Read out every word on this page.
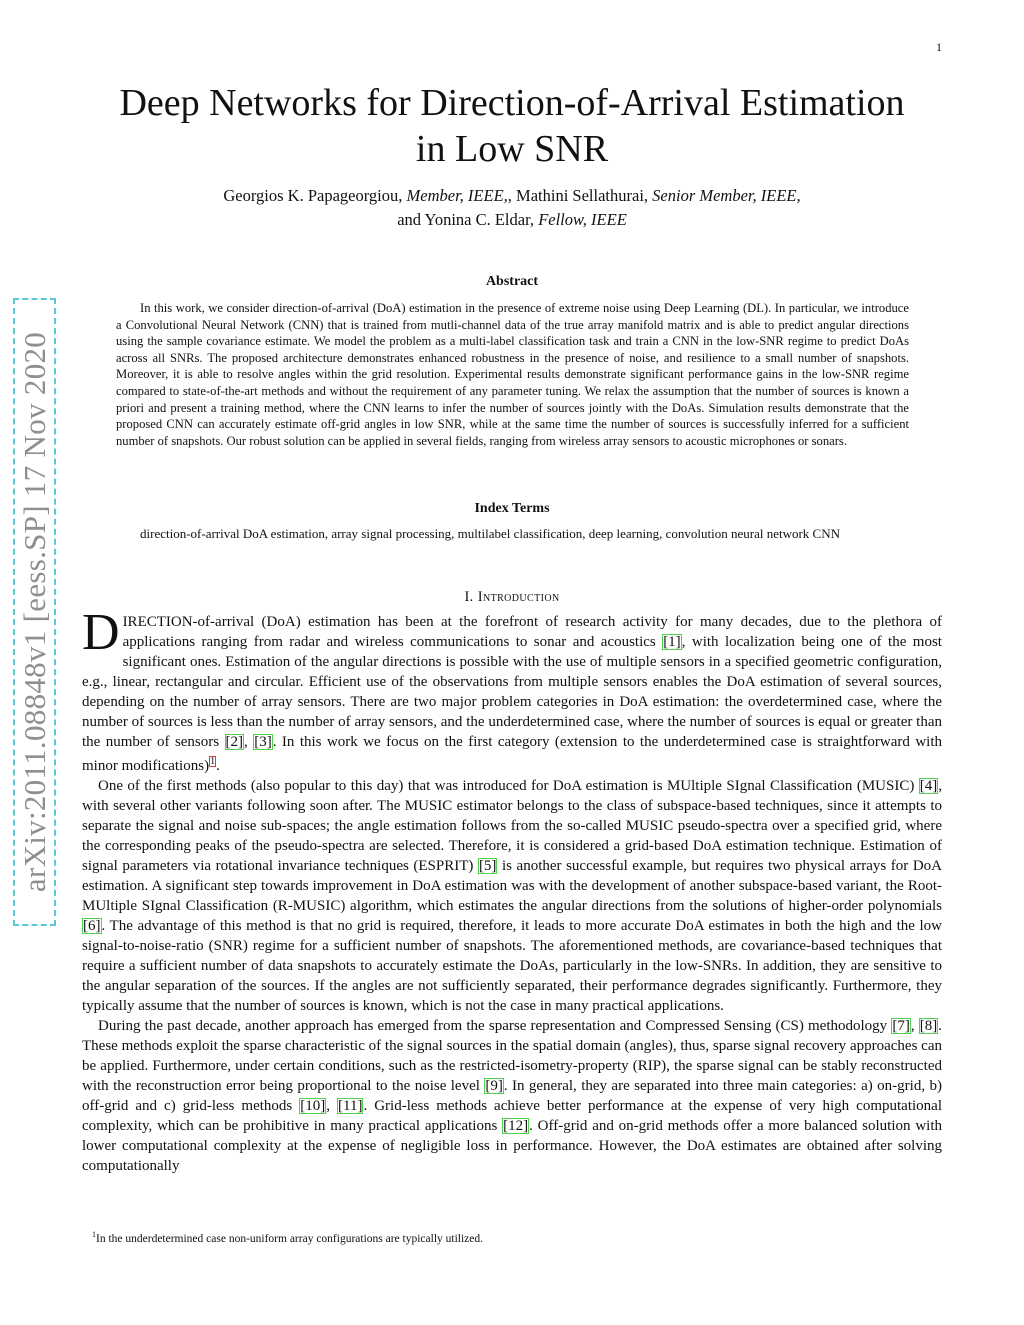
1
arXiv:2011.08848v1 [eess.SP] 17 Nov 2020
Deep Networks for Direction-of-Arrival Estimation
in Low SNR
Georgios K. Papageorgiou, Member, IEEE,, Mathini Sellathurai, Senior Member, IEEE,
and Yonina C. Eldar, Fellow, IEEE
Abstract

In this work, we consider direction-of-arrival (DoA) estimation in the presence of extreme noise using Deep Learning (DL). In particular, we introduce a Convolutional Neural Network (CNN) that is trained from mutli-channel data of the true array manifold matrix and is able to predict angular directions using the sample covariance estimate. We model the problem as a multi-label classification task and train a CNN in the low-SNR regime to predict DoAs across all SNRs. The proposed architecture demonstrates enhanced robustness in the presence of noise, and resilience to a small number of snapshots. Moreover, it is able to resolve angles within the grid resolution. Experimental results demonstrate significant performance gains in the low-SNR regime compared to state-of-the-art methods and without the requirement of any parameter tuning. We relax the assumption that the number of sources is known a priori and present a training method, where the CNN learns to infer the number of sources jointly with the DoAs. Simulation results demonstrate that the proposed CNN can accurately estimate off-grid angles in low SNR, while at the same time the number of sources is successfully inferred for a sufficient number of snapshots. Our robust solution can be applied in several fields, ranging from wireless array sensors to acoustic microphones or sonars.

Index Terms

direction-of-arrival DoA estimation, array signal processing, multilabel classification, deep learning, convolution neural network CNN

I. Introduction

DIRECTION-of-arrival (DoA) estimation has been at the forefront of research activity for many decades, due to the plethora of applications ranging from radar and wireless communications to sonar and acoustics [1], with localization being one of the most significant ones. Estimation of the angular directions is possible with the use of multiple sensors in a specified geometric configuration, e.g., linear, rectangular and circular. Efficient use of the observations from multiple sensors enables the DoA estimation of several sources, depending on the number of array sensors. There are two major problem categories in DoA estimation: the overdetermined case, where the number of sources is less than the number of array sensors, and the underdetermined case, where the number of sources is equal or greater than the number of sensors [2], [3]. In this work we focus on the first category (extension to the underdetermined case is straightforward with minor modifications)$^1$.

One of the first methods (also popular to this day) that was introduced for DoA estimation is MUltiple SIgnal Classification (MUSIC) [4], with several other variants following soon after. The MUSIC estimator belongs to the class of subspace-based techniques, since it attempts to separate the signal and noise sub-spaces; the angle estimation follows from the so-called MUSIC pseudo-spectra over a specified grid, where the corresponding peaks of the pseudo-spectra are selected. Therefore, it is considered a grid-based DoA estimation technique. Estimation of signal parameters via rotational invariance techniques (ESPRIT) [5] is another successful example, but requires two physical arrays for DoA estimation. A significant step towards improvement in DoA estimation was with the development of another subspace-based variant, the Root-MUltiple SIgnal Classification (R-MUSIC) algorithm, which estimates the angular directions from the solutions of higher-order polynomials [6]. The advantage of this method is that no grid is required, therefore, it leads to more accurate DoA estimates in both the high and the low signal-to-noise-ratio (SNR) regime for a sufficient number of snapshots. The aforementioned methods, are covariance-based techniques that require a sufficient number of data snapshots to accurately estimate the DoAs, particularly in the low-SNRs. In addition, they are sensitive to the angular separation of the sources. If the angles are not sufficiently separated, their performance degrades significantly. Furthermore, they typically assume that the number of sources is known, which is not the case in many practical applications.

During the past decade, another approach has emerged from the sparse representation and Compressed Sensing (CS) methodology [7], [8]. These methods exploit the sparse characteristic of the signal sources in the spatial domain (angles), thus, sparse signal recovery approaches can be applied. Furthermore, under certain conditions, such as the restricted-isometry-property (RIP), the sparse signal can be stably reconstructed with the reconstruction error being proportional to the noise level [9]. In general, they are separated into three main categories: a) on-grid, b) off-grid and c) grid-less methods [10], [11]. Grid-less methods achieve better performance at the expense of very high computational complexity, which can be prohibitive in many practical applications [12]. Off-grid and on-grid methods offer a more balanced solution with lower computational complexity at the expense of negligible loss in performance. However, the DoA estimates are obtained after solving computationally

$^1$In the underdetermined case non-uniform array configurations are typically utilized.
